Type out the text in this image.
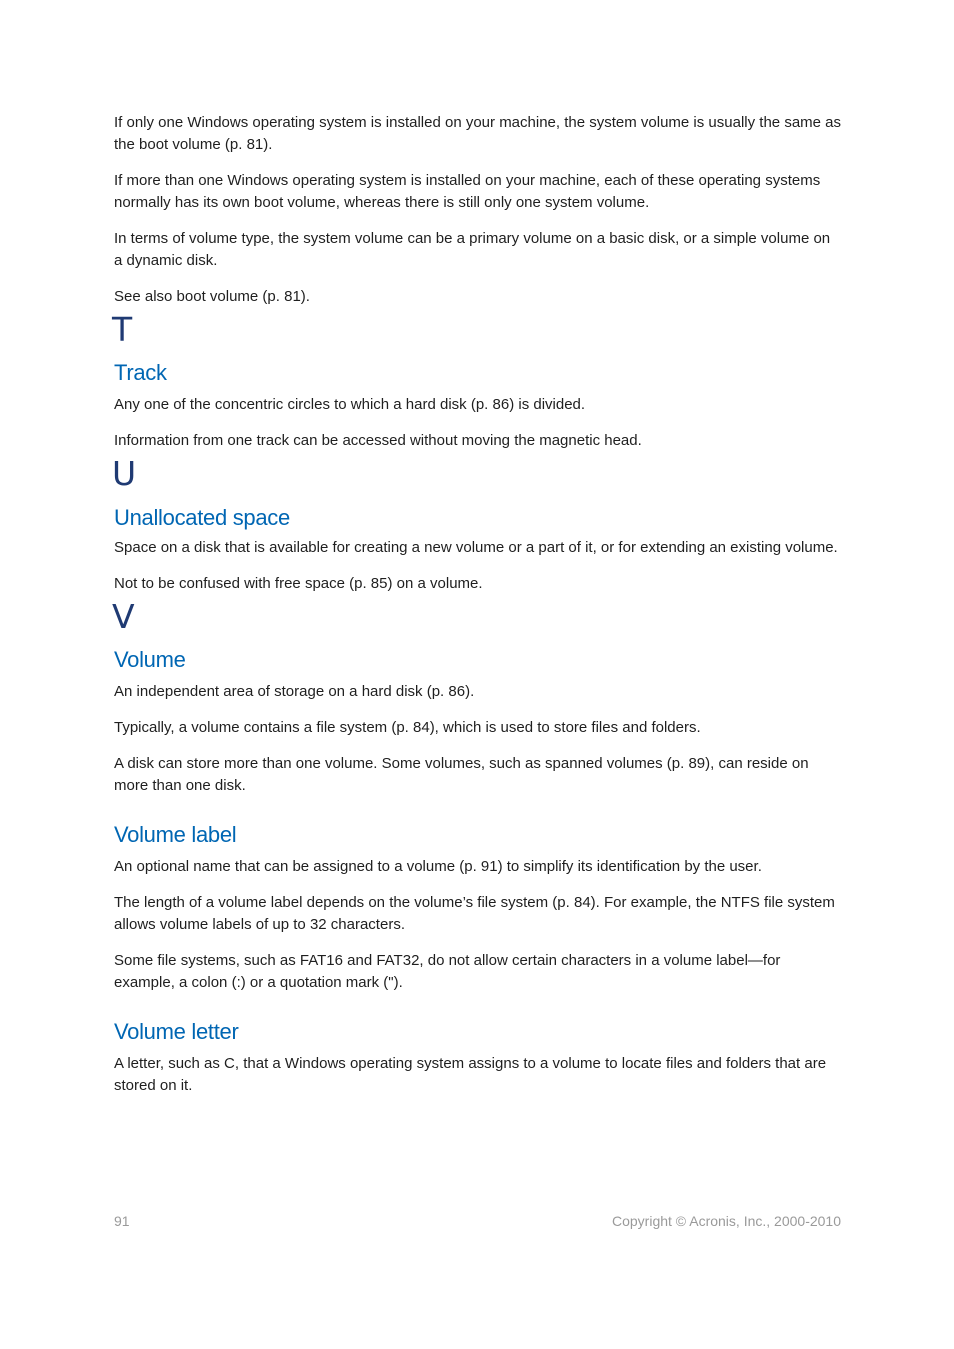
If only one Windows operating system is installed on your machine, the system volume is usually the same as the boot volume (p. 81).

If more than one Windows operating system is installed on your machine, each of these operating systems normally has its own boot volume, whereas there is still only one system volume.

In terms of volume type, the system volume can be a primary volume on a basic disk, or a simple volume on a dynamic disk.

See also boot volume (p. 81).

T
Track

Any one of the concentric circles to which a hard disk (p. 86) is divided.

Information from one track can be accessed without moving the magnetic head.

U
Unallocated space

Space on a disk that is available for creating a new volume or a part of it, or for extending an existing volume.

Not to be confused with free space (p. 85) on a volume.

V
Volume

An independent area of storage on a hard disk (p. 86).

Typically, a volume contains a file system (p. 84), which is used to store files and folders.

A disk can store more than one volume. Some volumes, such as spanned volumes (p. 89), can reside on more than one disk.

Volume label

An optional name that can be assigned to a volume (p. 91) to simplify its identification by the user.

The length of a volume label depends on the volume’s file system (p. 84). For example, the NTFS file system allows volume labels of up to 32 characters.

Some file systems, such as FAT16 and FAT32, do not allow certain characters in a volume label—for example, a colon (:) or a quotation mark (").

Volume letter

A letter, such as C, that a Windows operating system assigns to a volume to locate files and folders that are stored on it.

91	Copyright © Acronis, Inc., 2000-2010
